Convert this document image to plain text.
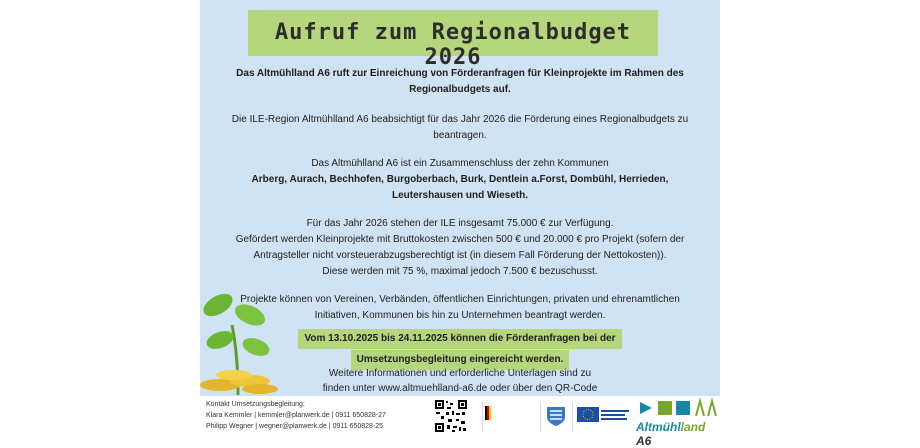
Aufruf zum Regionalbudget 2026
Das Altmühlland A6 ruft zur Einreichung von Förderanfragen für Kleinprojekte im Rahmen des Regionalbudgets auf.
Die ILE-Region Altmühlland A6 beabsichtigt für das Jahr 2026 die Förderung eines Regionalbudgets zu beantragen.
Das Altmühlland A6 ist ein Zusammenschluss der zehn Kommunen
Arberg, Aurach, Bechhofen, Burgoberbach, Burk, Dentlein a.Forst, Dombühl, Herrieden, Leutershausen und Wieseth.
Für das Jahr 2026 stehen der ILE insgesamt 75.000 € zur Verfügung.
Gefördert werden Kleinprojekte mit Bruttokosten zwischen 500 € und 20.000 € pro Projekt (sofern der Antragsteller nicht vorsteuerabzugsberechtigt ist (in diesem Fall Förderung der Nettokosten)).
Diese werden mit 75 %, maximal jedoch 7.500 € bezuschusst.
Projekte können von Vereinen, Verbänden, öffentlichen Einrichtungen, privaten und ehrenamtlichen Initiativen, Kommunen bis hin zu Unternehmen beantragt werden.
Vom 13.10.2025 bis 24.11.2025 können die Förderanfragen bei der
Umsetzungsbegleitung eingereicht werden.
Weitere Informationen und erforderliche Unterlagen sind zu
finden unter www.altmuehlland-a6.de oder über den QR-Code
Kontakt Umsetzungsbegleitung:
Klara Kemmler | kemmler@planwerk.de | 0911 650828-27
Philipp Wegner | wegner@planwerk.de | 0911 650828-25	Altmühlland A6
